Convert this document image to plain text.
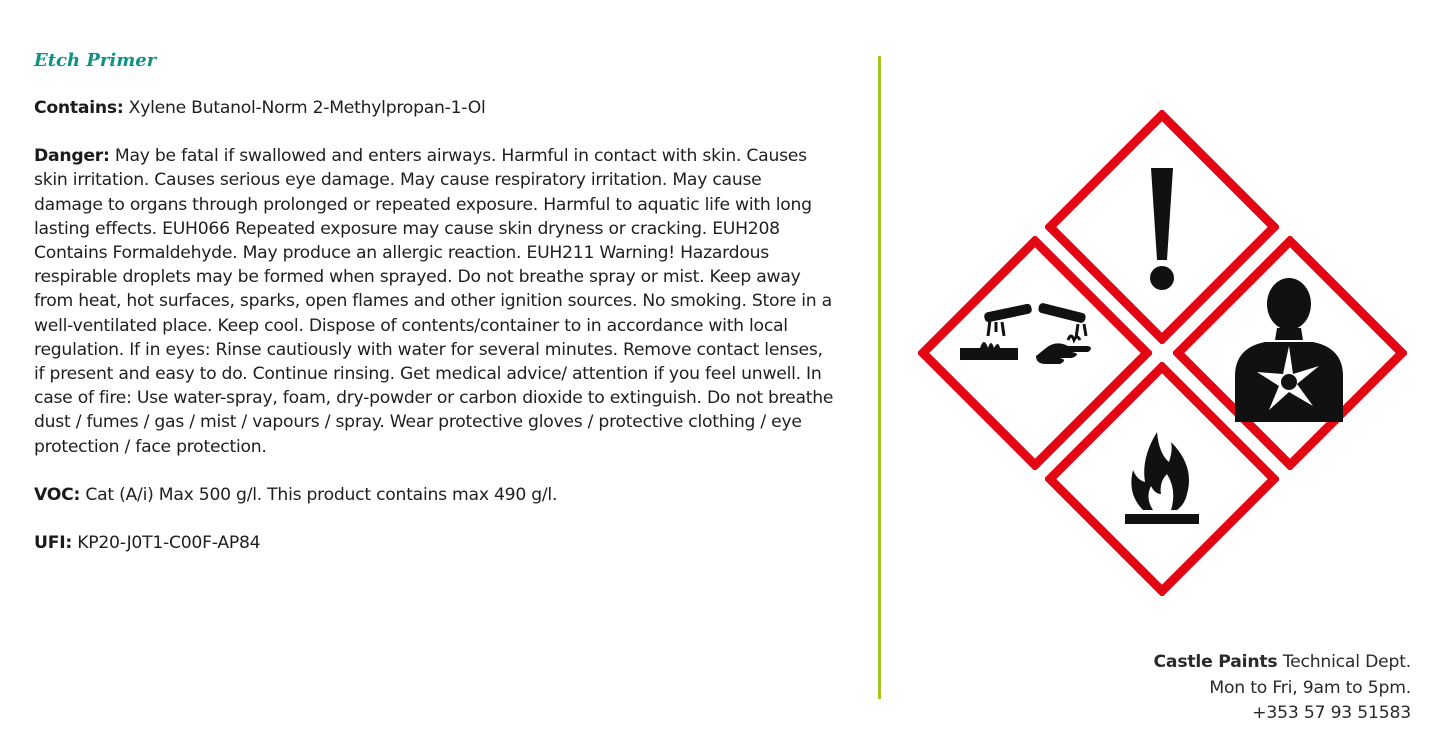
Etch Primer

Contains: Xylene Butanol-Norm 2-Methylpropan-1-Ol

Danger: May be fatal if swallowed and enters airways. Harmful in contact with skin. Causes skin irritation. Causes serious eye damage. May cause respiratory irritation. May cause damage to organs through prolonged or repeated exposure. Harmful to aquatic life with long lasting effects. EUH066 Repeated exposure may cause skin dryness or cracking. EUH208 Contains Formaldehyde. May produce an allergic reaction. EUH211 Warning! Hazardous respirable droplets may be formed when sprayed. Do not breathe spray or mist. Keep away from heat, hot surfaces, sparks, open flames and other ignition sources. No smoking. Store in a well-ventilated place. Keep cool. Dispose of contents/container to in accordance with local regulation. If in eyes: Rinse cautiously with water for several minutes. Remove contact lenses, if present and easy to do. Continue rinsing. Get medical advice/ attention if you feel unwell. In case of fire: Use water-spray, foam, dry-powder or carbon dioxide to extinguish. Do not breathe dust / fumes / gas / mist / vapours / spray. Wear protective gloves / protective clothing / eye protection / face protection.

VOC: Cat (A/i) Max 500 g/l. This product contains max 490 g/l.

UFI: KP20-J0T1-C00F-AP84

Castle Paints Technical Dept.
Mon to Fri, 9am to 5pm.
+353 57 93 51583
